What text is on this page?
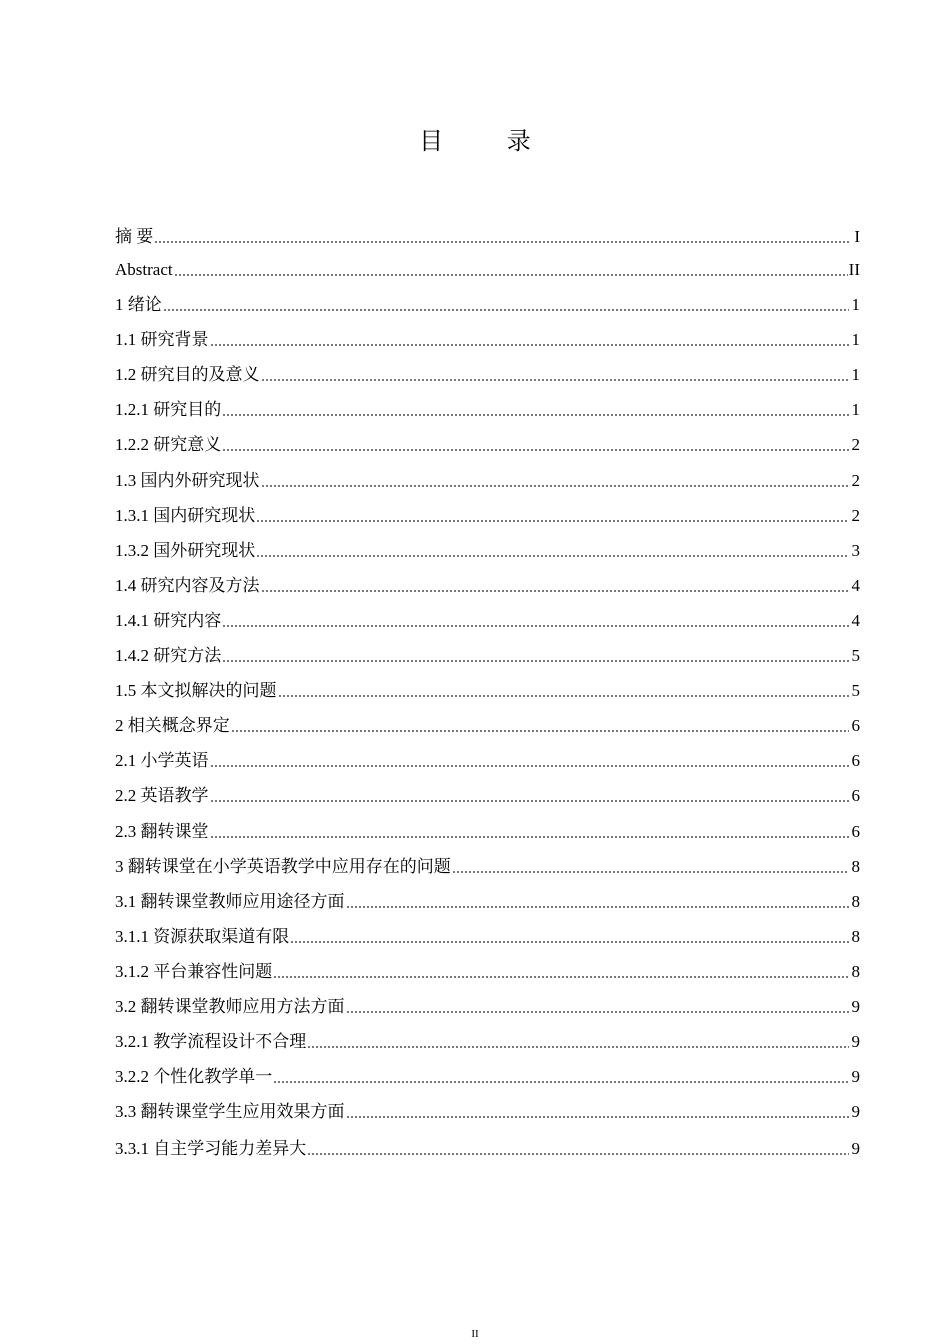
目 录
摘 要	I
Abstract	II
1 绪论	1
1.1 研究背景	1
1.2 研究目的及意义	1
1.2.1 研究目的	1
1.2.2 研究意义	2
1.3 国内外研究现状	2
1.3.1 国内研究现状	2
1.3.2 国外研究现状	3
1.4 研究内容及方法	4
1.4.1 研究内容	4
1.4.2 研究方法	5
1.5 本文拟解决的问题	5
2 相关概念界定	6
2.1 小学英语	6
2.2 英语教学	6
2.3 翻转课堂	6
3 翻转课堂在小学英语教学中应用存在的问题	8
3.1 翻转课堂教师应用途径方面	8
3.1.1 资源获取渠道有限	8
3.1.2 平台兼容性问题	8
3.2 翻转课堂教师应用方法方面	9
3.2.1 教学流程设计不合理	9
3.2.2 个性化教学单一	9
3.3 翻转课堂学生应用效果方面	9
3.3.1 自主学习能力差异大	9
II
